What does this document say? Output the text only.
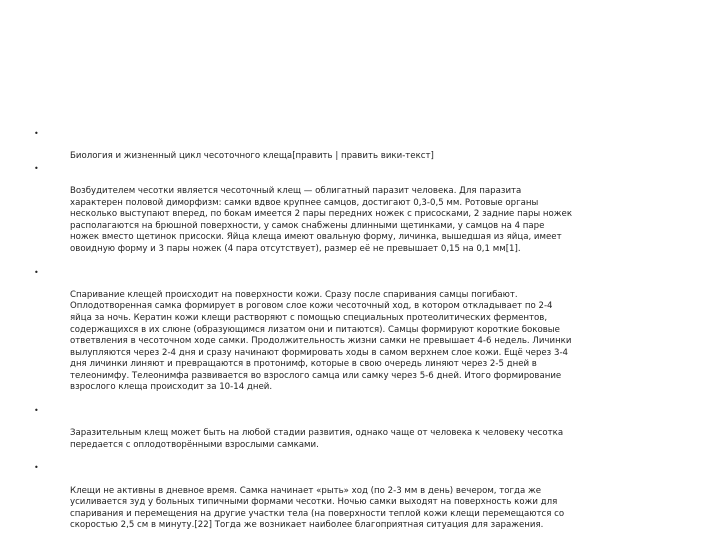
•

Биология и жизненный цикл чесоточного клеща[править | править вики-текст]

•

Возбудителем чесотки является чесоточный клещ — облигатный паразит человека. Для паразита
характерен половой диморфизм: самки вдвое крупнее самцов, достигают 0,3-0,5 мм. Ротовые органы
несколько выступают вперед, по бокам имеется 2 пары передних ножек с присосками, 2 задние пары ножек
располагаются на брюшной поверхности, у самок снабжены длинными щетинками, у самцов на 4 паре
ножек вместо щетинок присоски. Яйца клеща имеют овальную форму, личинка, вышедшая из яйца, имеет
овоидную форму и 3 пары ножек (4 пара отсутствует), размер её не превышает 0,15 на 0,1 мм[1].

•

Спаривание клещей происходит на поверхности кожи. Сразу после спаривания самцы погибают.
Оплодотворенная самка формирует в роговом слое кожи чесоточный ход, в котором откладывает по 2-4
яйца за ночь. Кератин кожи клещи растворяют с помощью специальных протеолитических ферментов,
содержащихся в их слюне (образующимся лизатом они и питаются). Самцы формируют короткие боковые
ответвления в чесоточном ходе самки. Продолжительность жизни самки не превышает 4-6 недель. Личинки
вылупляются через 2-4 дня и сразу начинают формировать ходы в самом верхнем слое кожи. Ещё через 3-4
дня личинки линяют и превращаются в протонимф, которые в свою очередь линяют через 2-5 дней в
телеонимфу. Телеонимфа развивается во взрослого самца или самку через 5-6 дней. Итого формирование
взрослого клеща происходит за 10-14 дней.

•

Заразительным клещ может быть на любой стадии развития, однако чаще от человека к человеку чесотка
передается с оплодотворёнными взрослыми самками.

•

Клещи не активны в дневное время. Самка начинает «рыть» ход (по 2-3 мм в день) вечером, тогда же
усиливается зуд у больных типичными формами чесотки. Ночью самки выходят на поверхность кожи для
спаривания и перемещения на другие участки тела (на поверхности теплой кожи клещи перемещаются со
скоростью 2,5 см в минуту.[22] Тогда же возникает наиболее благоприятная ситуация для заражения.
